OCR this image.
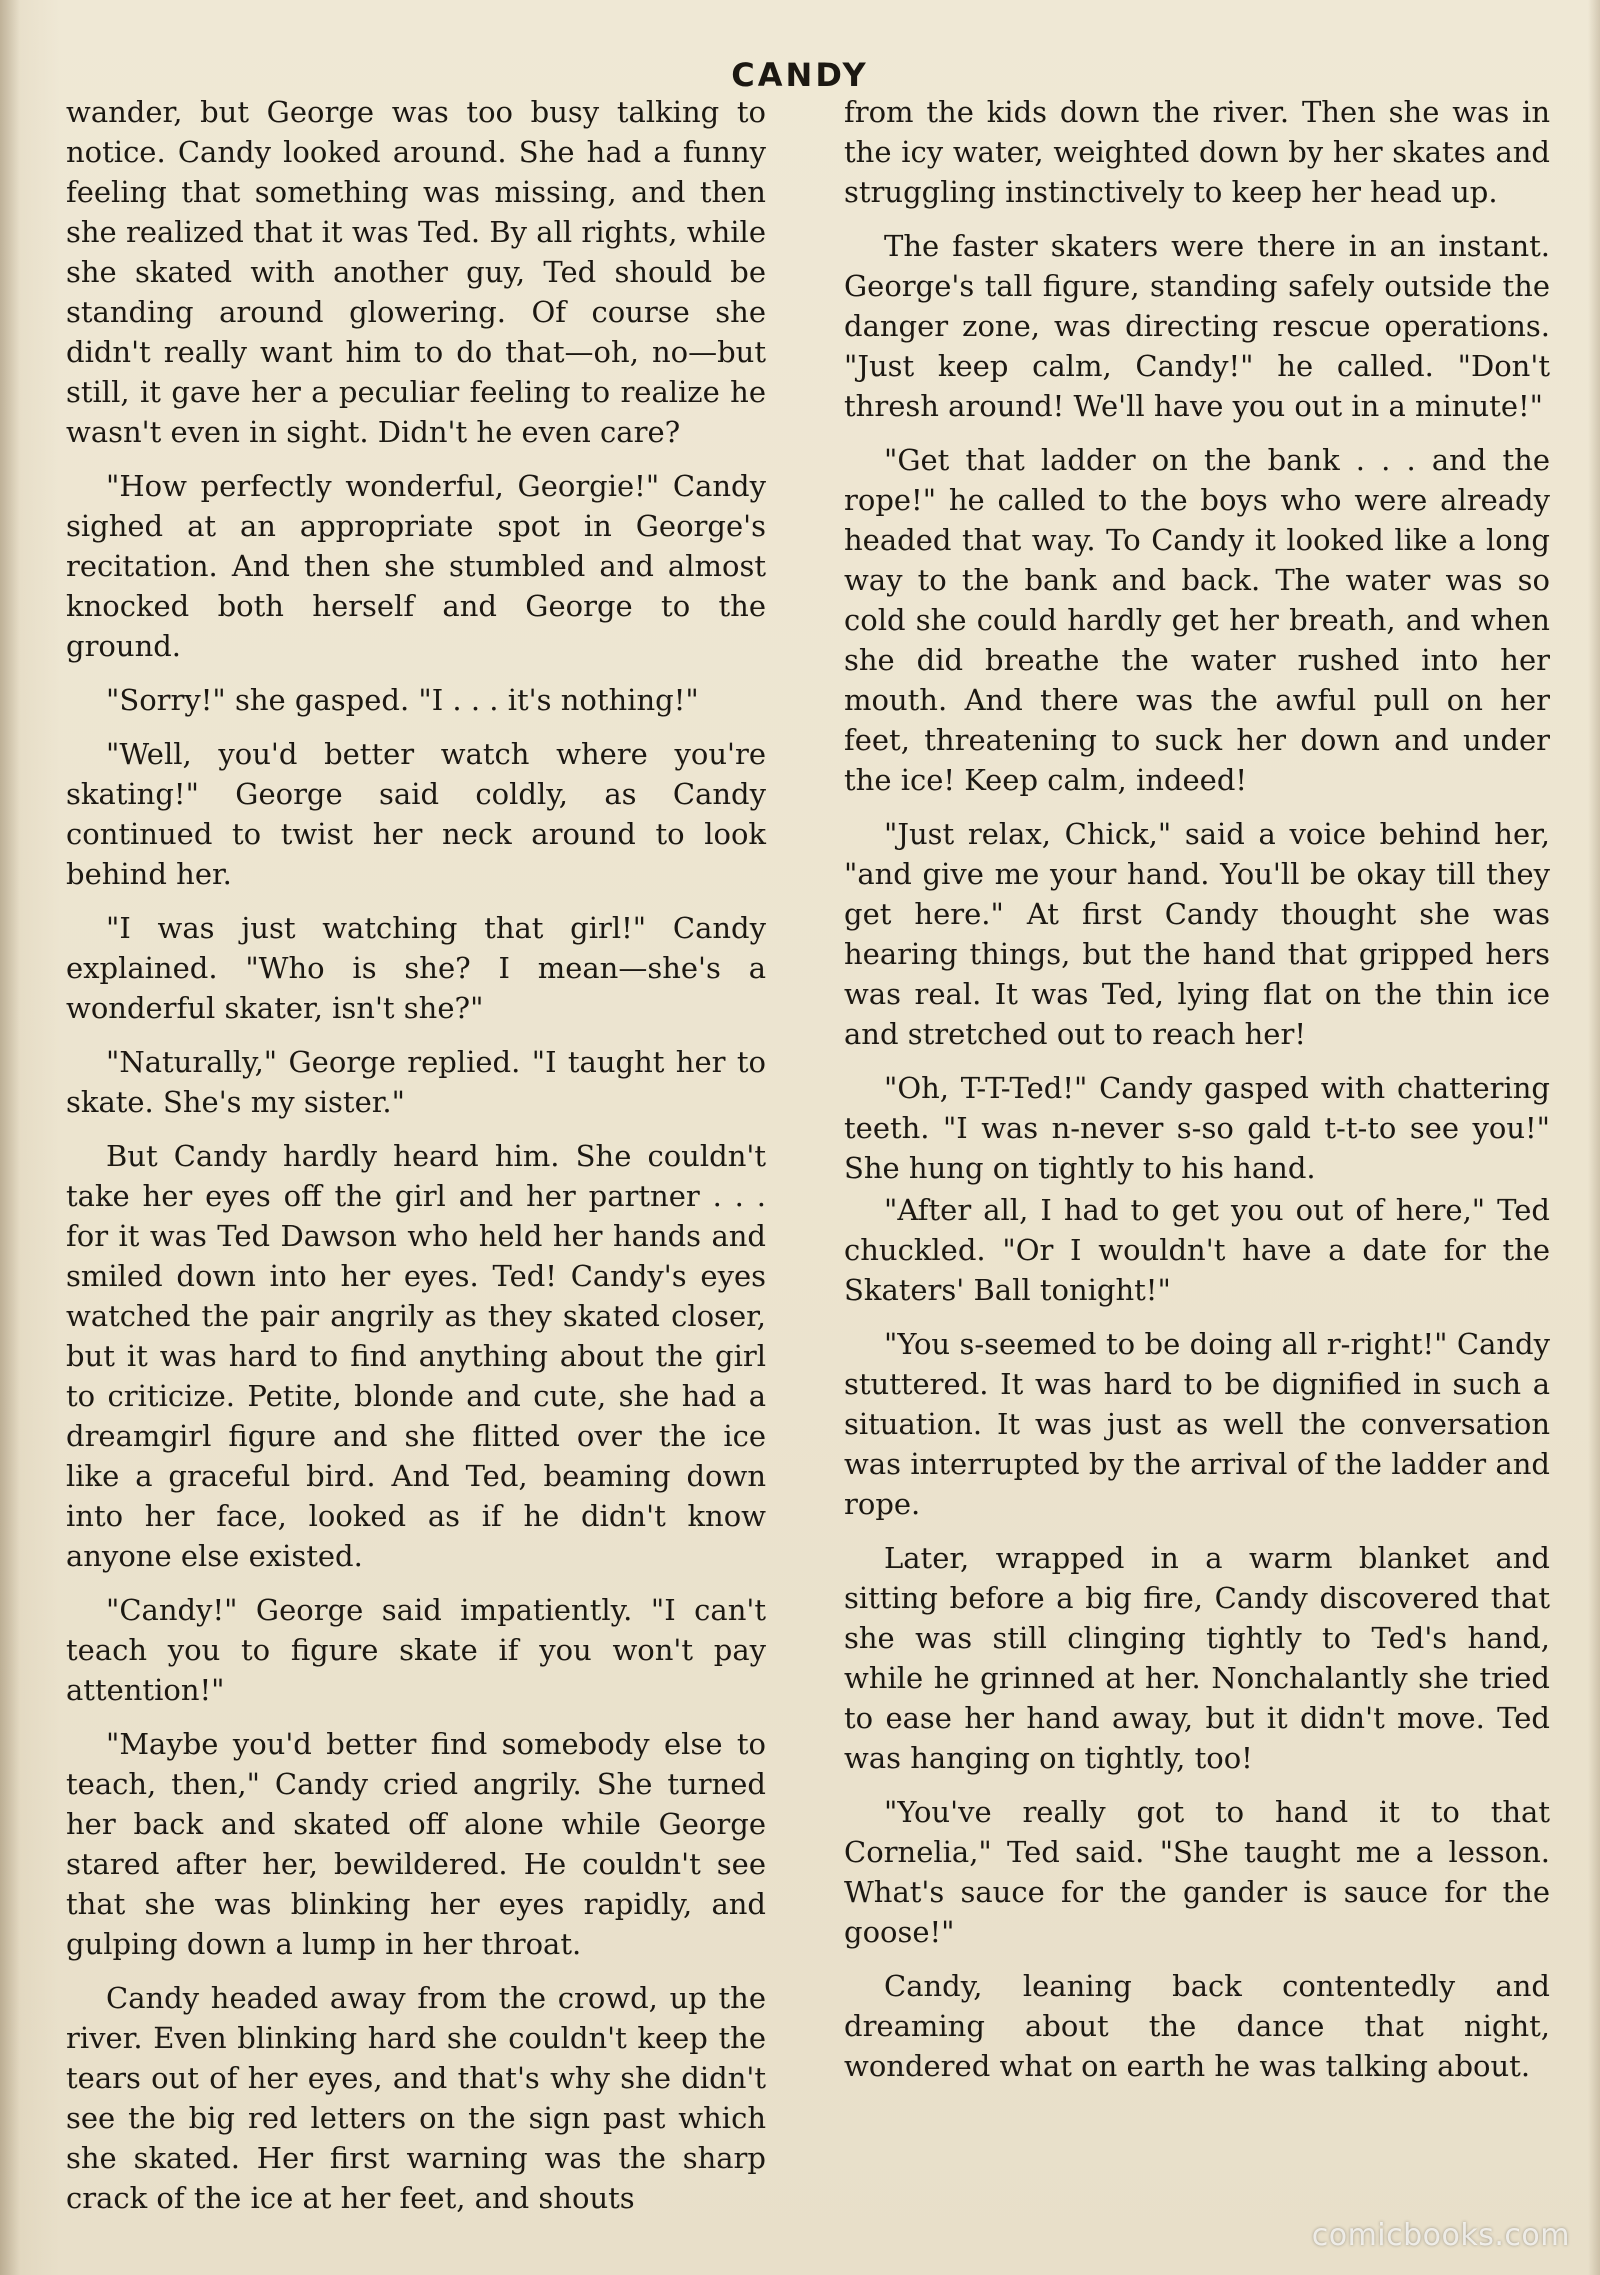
CANDY

wander, but George was too busy talking to notice. Candy looked around. She had a funny feeling that something was missing, and then she realized that it was Ted. By all rights, while she skated with another guy, Ted should be standing around glowering. Of course she didn't really want him to do that—oh, no—but still, it gave her a peculiar feeling to realize he wasn't even in sight. Didn't he even care?

"How perfectly wonderful, Georgie!" Candy sighed at an appropriate spot in George's recitation. And then she stumbled and almost knocked both herself and George to the ground.

"Sorry!" she gasped. "I . . . it's nothing!"

"Well, you'd better watch where you're skating!" George said coldly, as Candy continued to twist her neck around to look behind her.

"I was just watching that girl!" Candy explained. "Who is she? I mean—she's a wonderful skater, isn't she?"

"Naturally," George replied. "I taught her to skate. She's my sister."

But Candy hardly heard him. She couldn't take her eyes off the girl and her partner . . . for it was Ted Dawson who held her hands and smiled down into her eyes. Ted! Candy's eyes watched the pair angrily as they skated closer, but it was hard to find anything about the girl to criticize. Petite, blonde and cute, she had a dreamgirl figure and she flitted over the ice like a graceful bird. And Ted, beaming down into her face, looked as if he didn't know anyone else existed.

"Candy!" George said impatiently. "I can't teach you to figure skate if you won't pay attention!"

"Maybe you'd better find somebody else to teach, then," Candy cried angrily. She turned her back and skated off alone while George stared after her, bewildered. He couldn't see that she was blinking her eyes rapidly, and gulping down a lump in her throat.

Candy headed away from the crowd, up the river. Even blinking hard she couldn't keep the tears out of her eyes, and that's why she didn't see the big red letters on the sign past which she skated. Her first warning was the sharp crack of the ice at her feet, and shouts

from the kids down the river. Then she was in the icy water, weighted down by her skates and struggling instinctively to keep her head up.

The faster skaters were there in an instant. George's tall figure, standing safely outside the danger zone, was directing rescue operations. "Just keep calm, Candy!" he called. "Don't thresh around! We'll have you out in a minute!"

"Get that ladder on the bank . . . and the rope!" he called to the boys who were already headed that way. To Candy it looked like a long way to the bank and back. The water was so cold she could hardly get her breath, and when she did breathe the water rushed into her mouth. And there was the awful pull on her feet, threatening to suck her down and under the ice! Keep calm, indeed!

"Just relax, Chick," said a voice behind her, "and give me your hand. You'll be okay till they get here." At first Candy thought she was hearing things, but the hand that gripped hers was real. It was Ted, lying flat on the thin ice and stretched out to reach her!

"Oh, T-T-Ted!" Candy gasped with chattering teeth. "I was n-never s-so gald t-t-to see you!" She hung on tightly to his hand.

"After all, I had to get you out of here," Ted chuckled. "Or I wouldn't have a date for the Skaters' Ball tonight!"

"You s-seemed to be doing all r-right!" Candy stuttered. It was hard to be dignified in such a situation. It was just as well the conversation was interrupted by the arrival of the ladder and rope.

Later, wrapped in a warm blanket and sitting before a big fire, Candy discovered that she was still clinging tightly to Ted's hand, while he grinned at her. Nonchalantly she tried to ease her hand away, but it didn't move. Ted was hanging on tightly, too!

"You've really got to hand it to that Cornelia," Ted said. "She taught me a lesson. What's sauce for the gander is sauce for the goose!"

Candy, leaning back contentedly and dreaming about the dance that night, wondered what on earth he was talking about.

comicbooks.com
